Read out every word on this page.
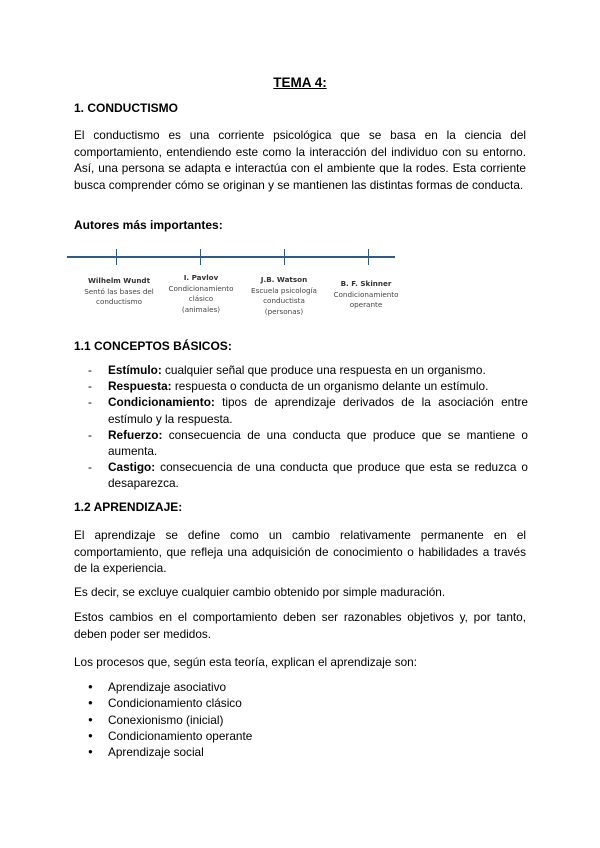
TEMA 4:
1. CONDUCTISMO

El conductismo es una corriente psicológica que se basa en la ciencia del comportamiento, entendiendo este como la interacción del individuo con su entorno. Así, una persona se adapta e interactúa con el ambiente que la rodes. Esta corriente busca comprender cómo se originan y se mantienen las distintas formas de conducta.

Autores más importantes:
Wilhelm Wundt
Sentó las bases del
conductismo
I. Pavlov
Condicionamiento
clásico
(animales)
J.B. Watson
Escuela psicología
conductista
(personas)
B. F. Skinner
Condicionamiento
operante
1.1 CONCEPTOS BÁSICOS:
-	Estímulo: cualquier señal que produce una respuesta en un organismo.
-	Respuesta: respuesta o conducta de un organismo delante un estímulo.
-	Condicionamiento: tipos de aprendizaje derivados de la asociación entre estímulo y la respuesta.
-	Refuerzo: consecuencia de una conducta que produce que se mantiene o aumenta.
-	Castigo: consecuencia de una conducta que produce que esta se reduzca o desaparezca.
1.2 APRENDIZAJE:

El aprendizaje se define como un cambio relativamente permanente en el comportamiento, que refleja una adquisición de conocimiento o habilidades a través de la experiencia.

Es decir, se excluye cualquier cambio obtenido por simple maduración.

Estos cambios en el comportamiento deben ser razonables objetivos y, por tanto, deben poder ser medidos.

Los procesos que, según esta teoría, explican el aprendizaje son:

●	Aprendizaje asociativo
●	Condicionamiento clásico
●	Conexionismo (inicial)
●	Condicionamiento operante
●	Aprendizaje social
